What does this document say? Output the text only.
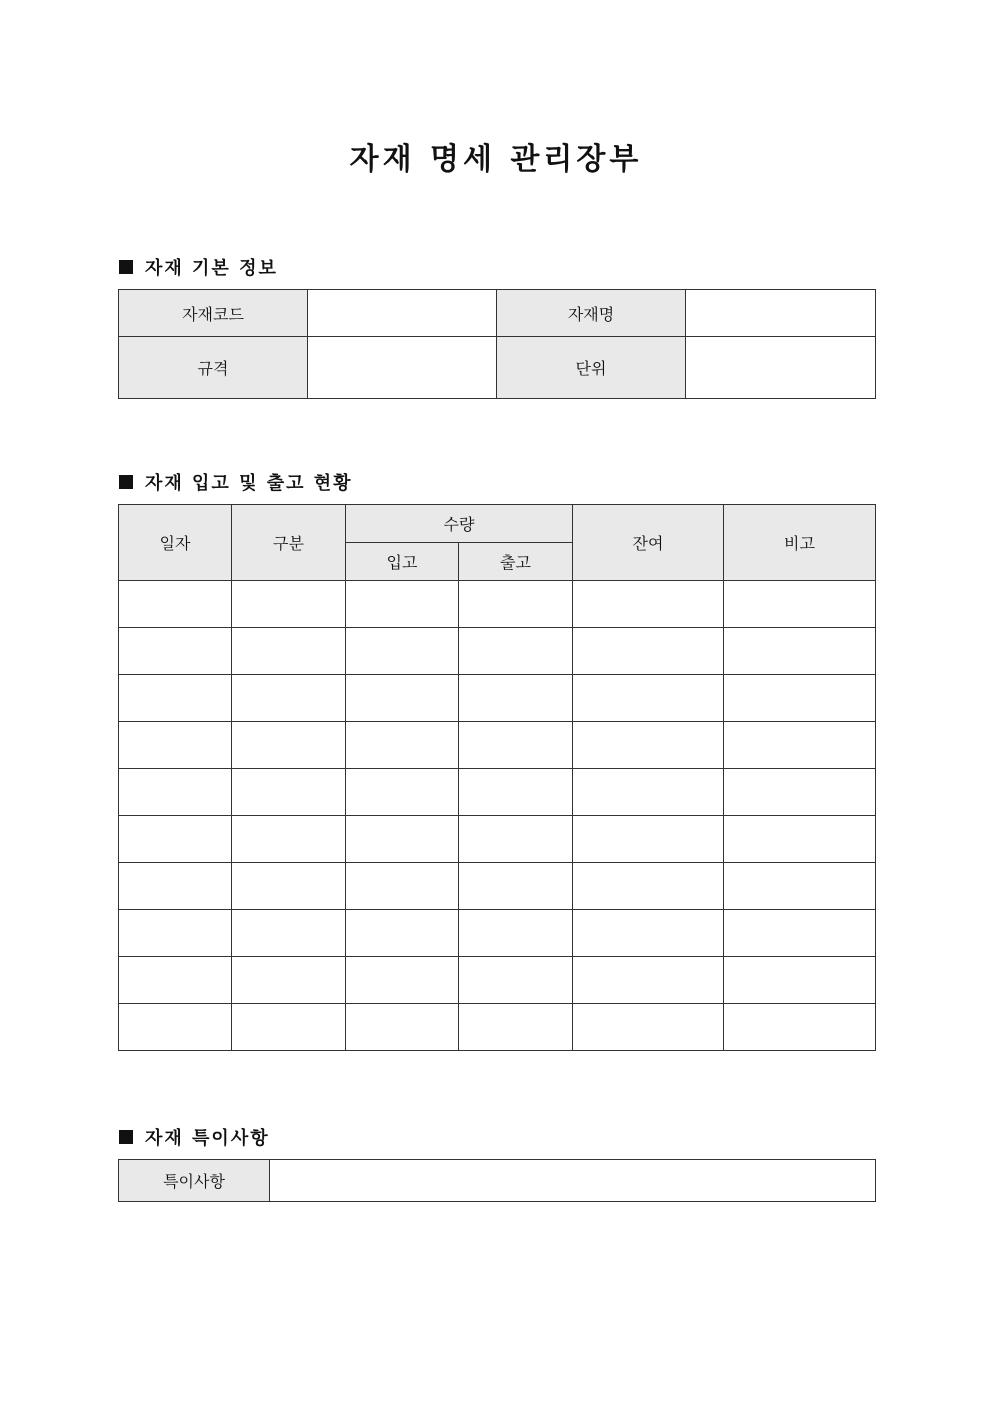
자재 명세 관리장부
자재 기본 정보
자재코드		자재명	
규격		단위	
자재 입고 및 출고 현황
일자	구분	수량		잔여	비고
		입고	출고		

자재 특이사항
특이사항	
